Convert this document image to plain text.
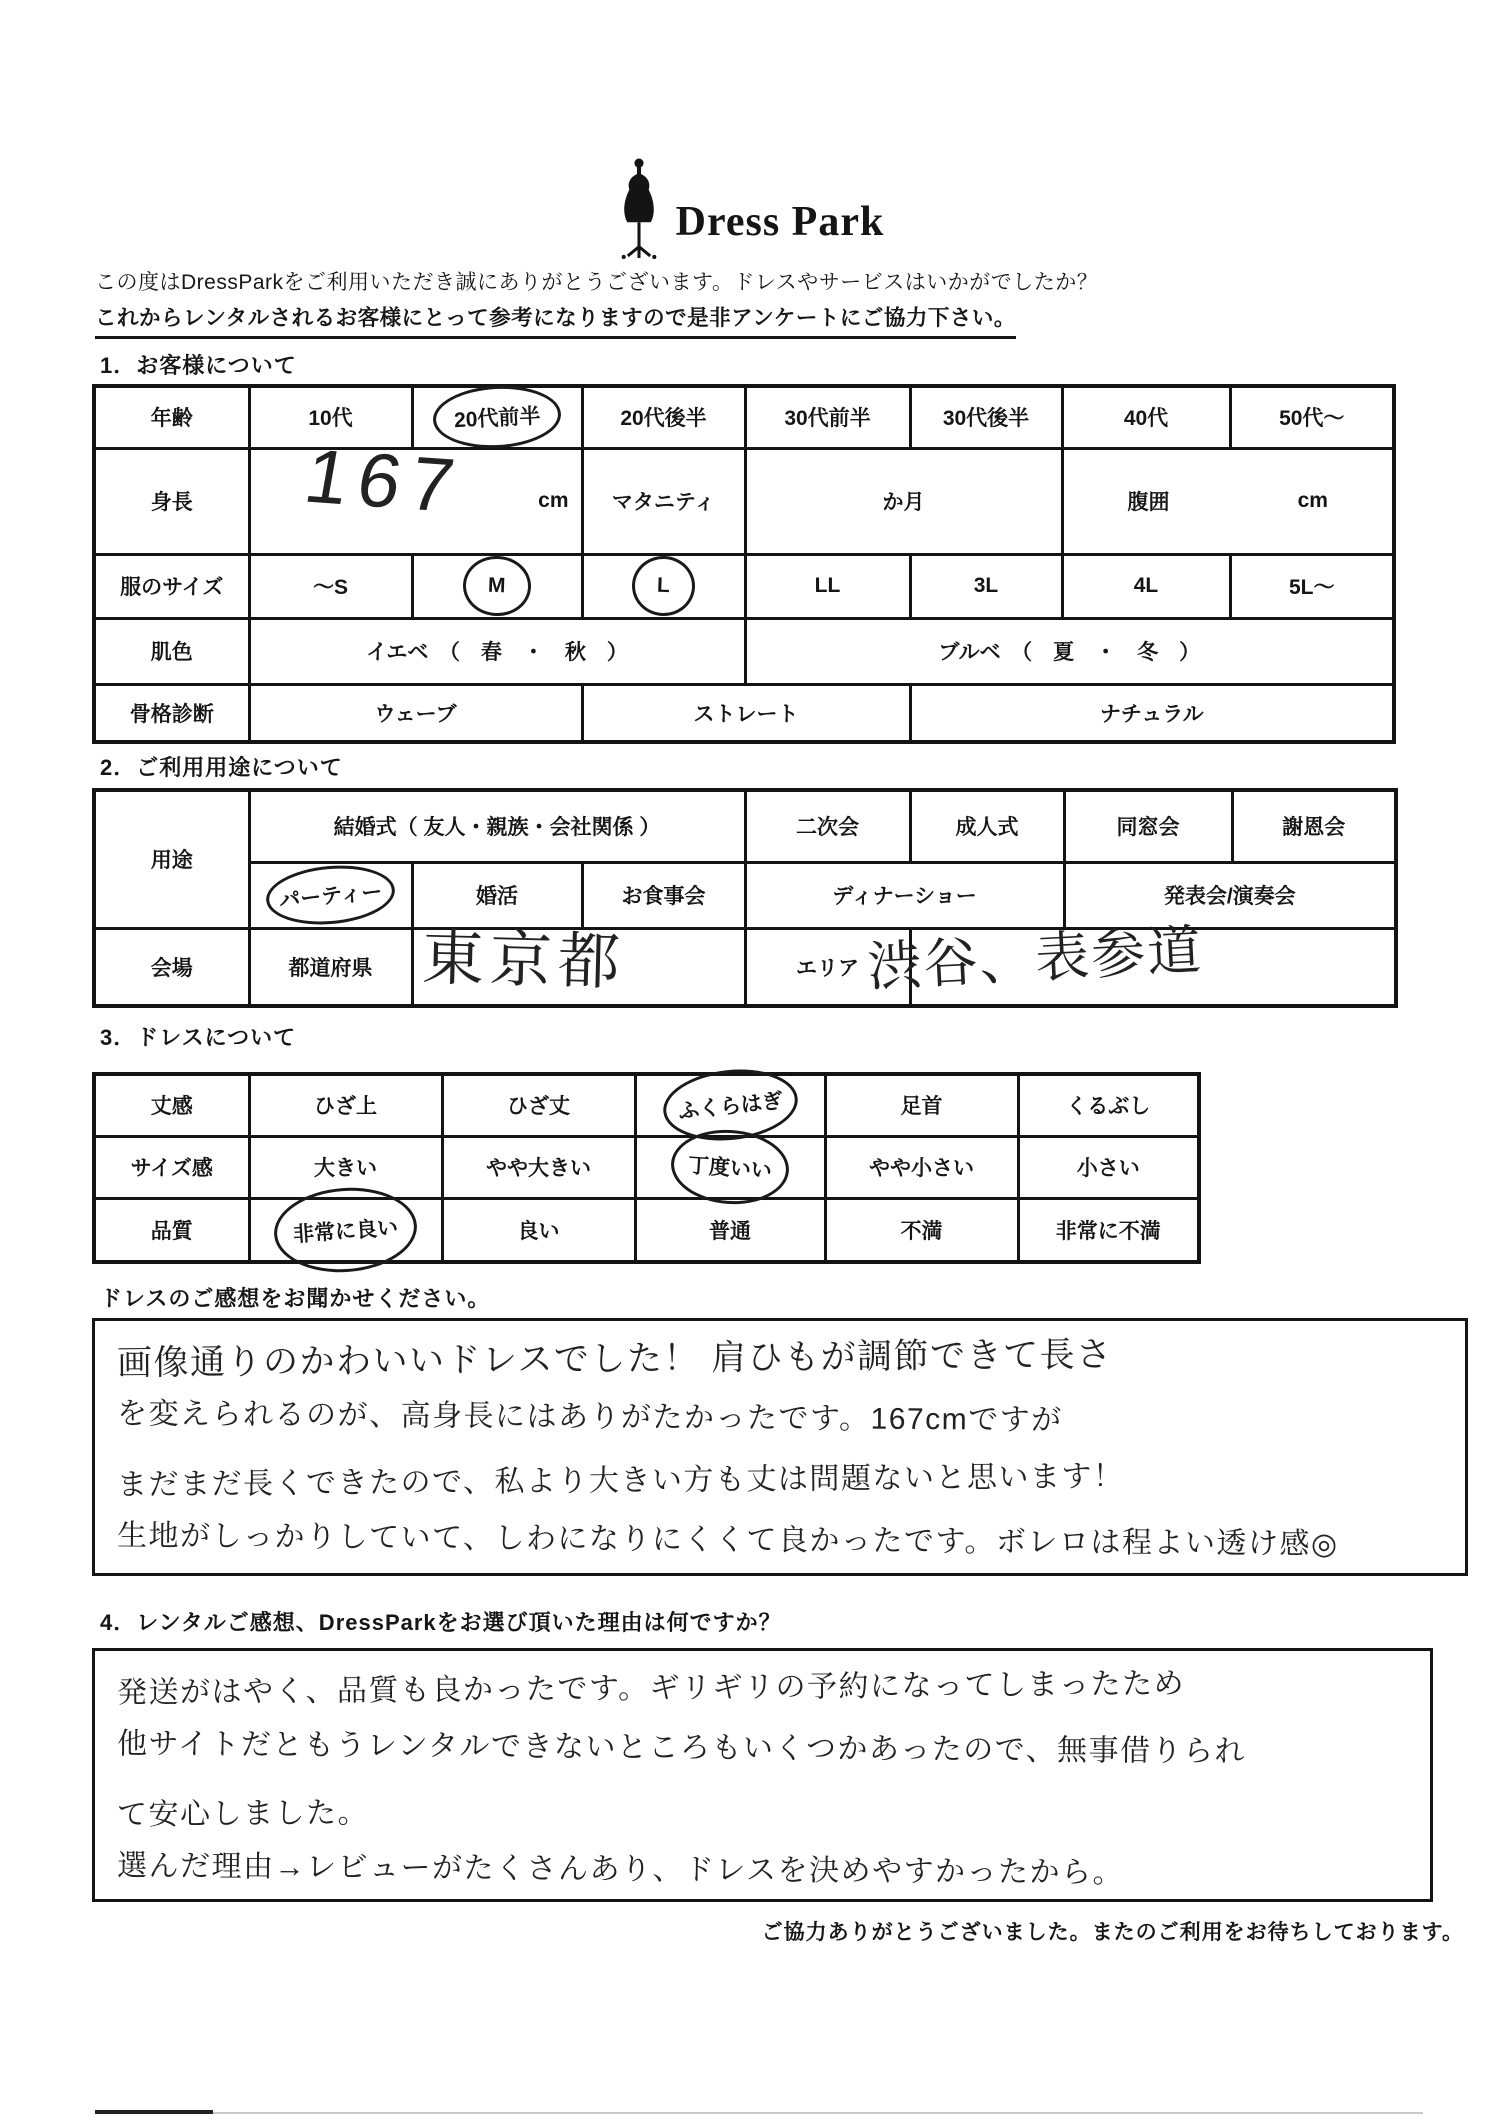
Dress Park
この度はDressParkをご利用いただき誠にありがとうございます。ドレスやサービスはいかがでしたか？
これからレンタルされるお客様にとって参考になりますので是非アンケートにご協力下さい。
1．お客様について
年齢	10代	20代前半	20代後半	30代前半	30代後半	40代	50代～
身長	167 cm		マタニティ	か月		腹囲 cm	

服のサイズ	～S	M	L	LL	3L	4L	5L～
肌色	イエベ　（　春　・　秋　）			ブルベ　（　夏　・　冬　）			
骨格診断	ウェーブ		ストレート		ナチュラル		
2．ご利用用途について
用途	結婚式（ 友人・親族・会社関係 ）			二次会	成人式	同窓会	謝恩会

	パーティー	婚活	お食事会	ディナーショー		発表会/演奏会	
会場	都道府県	東京都		エリア	渋谷、表参道		
3．ドレスについて
丈感	ひざ上	ひざ丈	ふくらはぎ	足首	くるぶし
サイズ感	大きい	やや大きい	丁度いい	やや小さい	小さい
品質	非常に良い	良い	普通	不満	非常に不満
ドレスのご感想をお聞かせください。
画像通りのかわいいドレスでした！ 肩ひもが調節できて長さ
を変えられるのが、高身長にはありがたかったです。167cmですが
まだまだ長くできたので、私より大きい方も丈は問題ないと思います！
生地がしっかりしていて、しわになりにくくて良かったです。ボレロは程よい透け感◎
4．レンタルご感想、DressParkをお選び頂いた理由は何ですか？
発送がはやく、品質も良かったです。ギリギリの予約になってしまったため
他サイトだともうレンタルできないところもいくつかあったので、無事借りられ
て安心しました。
選んだ理由→レビューがたくさんあり、ドレスを決めやすかったから。
ご協力ありがとうございました。またのご利用をお待ちしております。
